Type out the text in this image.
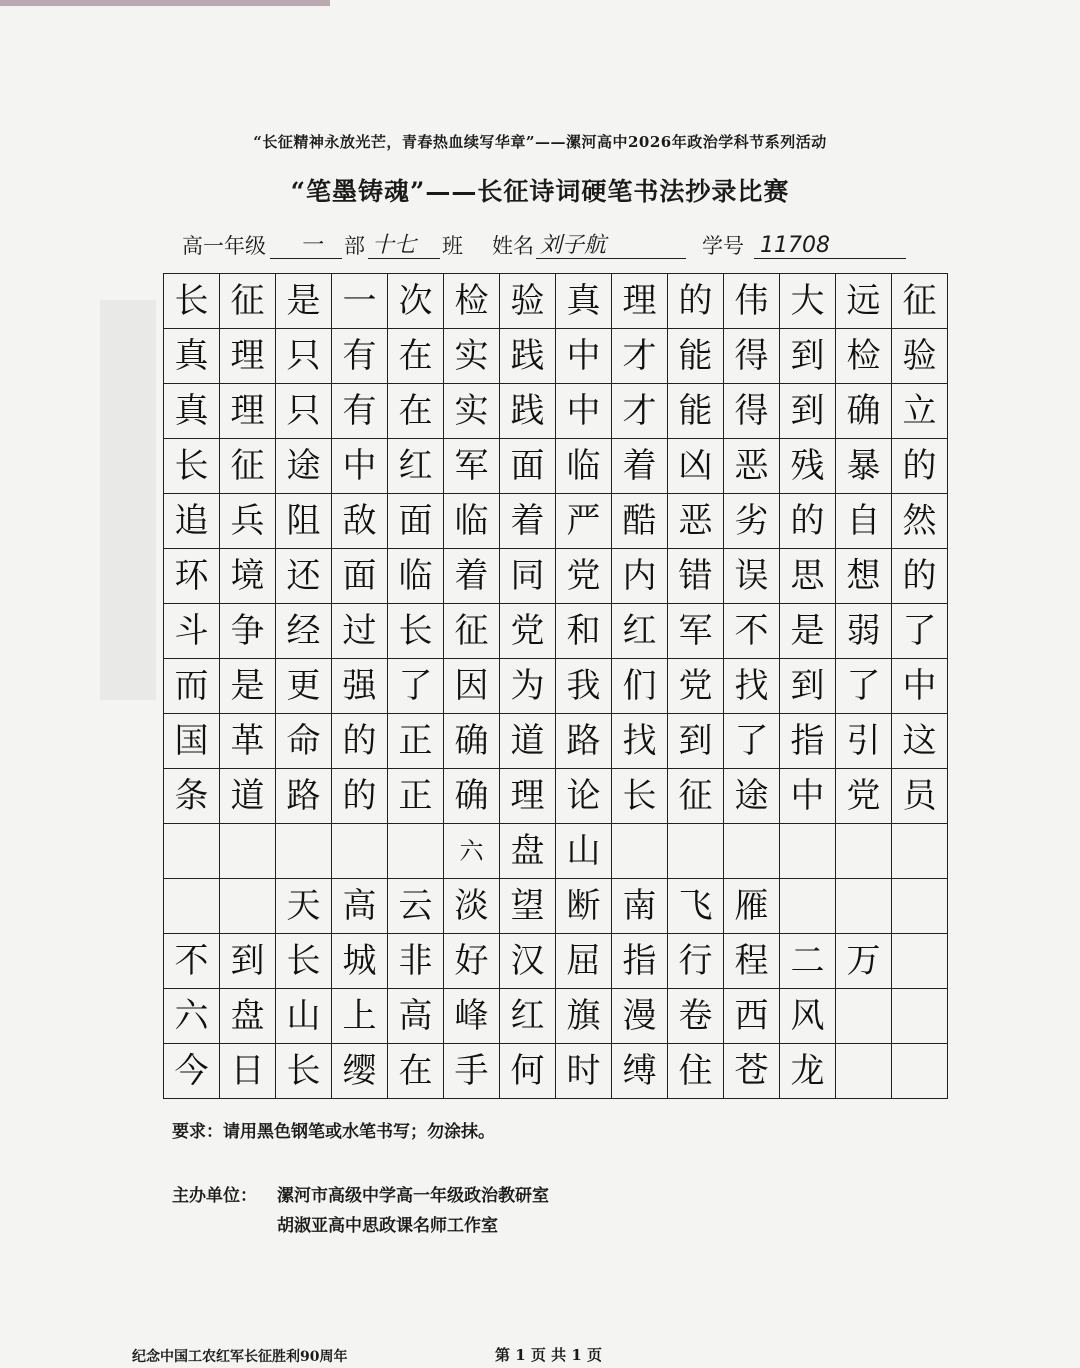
“长征精神永放光芒，青春热血续写华章”——漯河高中2026年政治学科节系列活动
“笔墨铸魂”——长征诗词硬笔书法抄录比赛
高一年级 一 部 十七 班 姓名 刘子航	学号 11708
长 征 是 一 次 检 验 真 理 的 伟 大 远 征
真 理 只 有 在 实 践 中 才 能 得 到 检 验
真 理 只 有 在 实 践 中 才 能 得 到 确 立
长 征 途 中 红 军 面 临 着 凶 恶 残 暴 的
追 兵 阻 敌 面 临 着 严 酷 恶 劣 的 自 然
环 境 还 面 临 着 同 党 内 错 误 思 想 的
斗 争 经 过 长 征 党 和 红 军 不 是 弱 了
而 是 更 强 了 因 为 我 们 党 找 到 了 中
国 革 命 的 正 确 道 路 找 到 了 指 引 这
条 道 路 的 正 确 理 论 长 征 途 中 党 员
六 盘 山
天 高 云 淡 望 断 南 飞 雁
不 到 长 城 非 好 汉 屈 指 行 程 二 万
六 盘 山 上 高 峰 红 旗 漫 卷 西 风
今 日 长 缨 在 手 何 时 缚 住 苍 龙
要求：请用黑色钢笔或水笔书写；勿涂抹。
主办单位： 漯河市高级中学高一年级政治教研室
胡淑亚高中思政课名师工作室
纪念中国工农红军长征胜利90周年	第 1 页 共 1 页
